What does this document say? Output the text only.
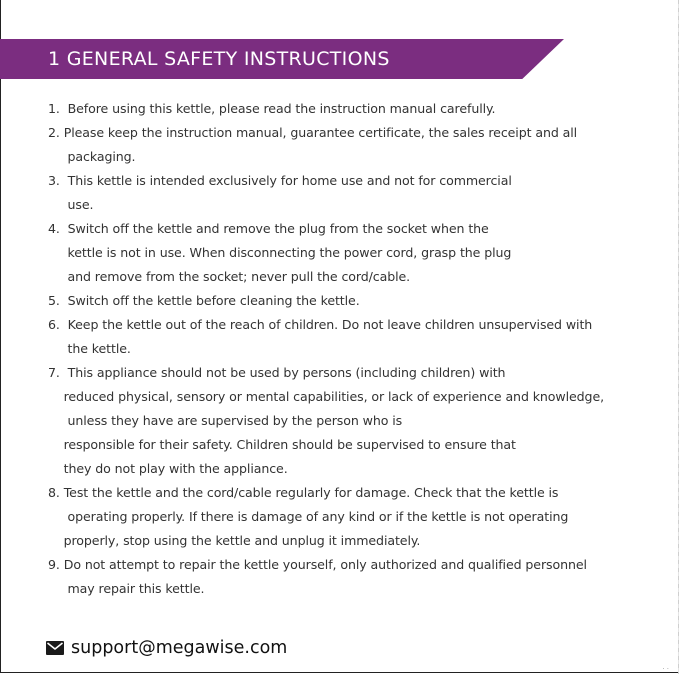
1 GENERAL SAFETY INSTRUCTIONS
1.  Before using this kettle, please read the instruction manual carefully.
2. Please keep the instruction manual, guarantee certificate, the sales receipt and all
packaging.
3.  This kettle is intended exclusively for home use and not for commercial
use.
4.  Switch off the kettle and remove the plug from the socket when the
kettle is not in use. When disconnecting the power cord, grasp the plug
and remove from the socket; never pull the cord/cable.
5.  Switch off the kettle before cleaning the kettle.
6.  Keep the kettle out of the reach of children. Do not leave children unsupervised with
the kettle.
7.  This appliance should not be used by persons (including children) with
reduced physical, sensory or mental capabilities, or lack of experience and knowledge,
unless they have are supervised by the person who is
responsible for their safety. Children should be supervised to ensure that
they do not play with the appliance.
8. Test the kettle and the cord/cable regularly for damage. Check that the kettle is
operating properly. If there is damage of any kind or if the kettle is not operating
properly, stop using the kettle and unplug it immediately.
9. Do not attempt to repair the kettle yourself, only authorized and qualified personnel
may repair this kettle.
support@megawise.com
· ·
